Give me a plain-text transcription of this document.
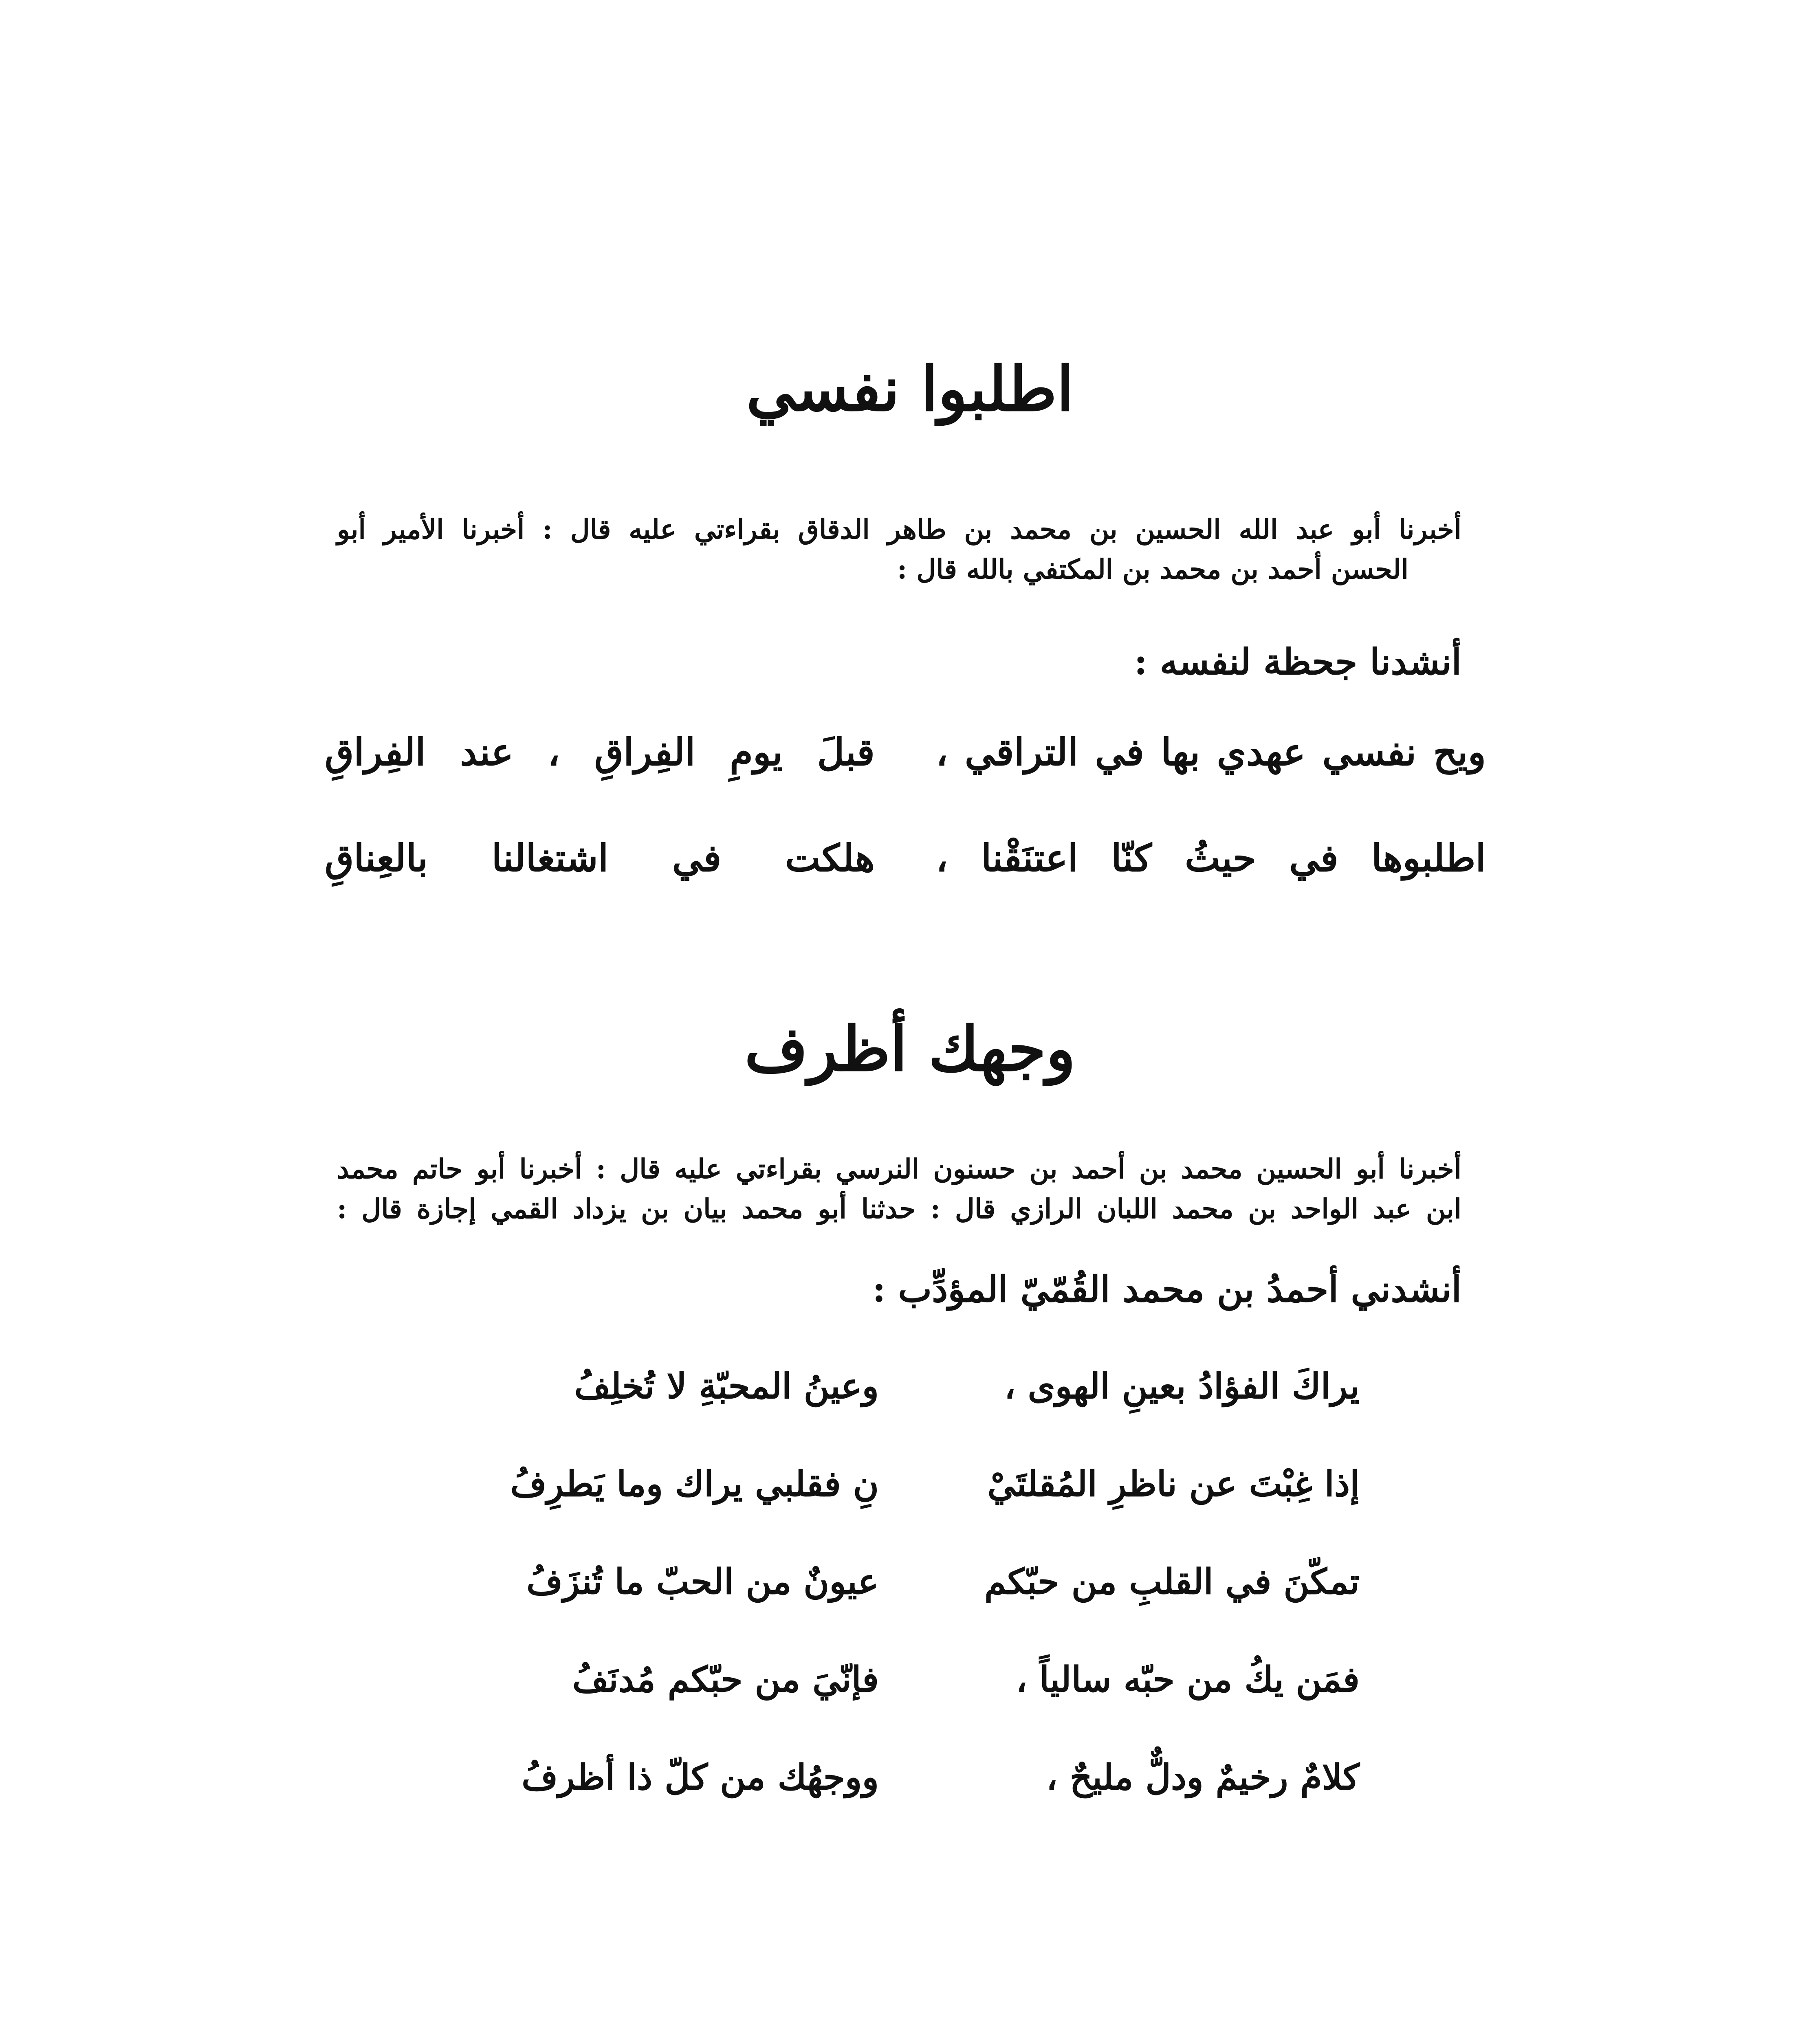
اطلبوا نفسي

أخبرنا أبو عبد الله الحسين بن محمد بن طاهر الدقاق بقراءتي عليه قال : أخبرنا الأمير أبو

الحسن أحمد بن محمد بن المكتفي بالله قال :

أنشدنا جحظة لنفسه :
ويح نفسي عهدي بها في التراقي ،
قبلَ يومِ الفِراقِ ، عند الفِراقِ
اطلبوها في حيثُ كنّا اعتنَقْنا ،
هلكت في اشتغالنا بالعِناقِ
وجهك أظرف

أخبرنا أبو الحسين محمد بن أحمد بن حسنون النرسي بقراءتي عليه قال : أخبرنا أبو حاتم محمد

ابن عبد الواحد بن محمد اللبان الرازي قال : حدثنا أبو محمد بيان بن يزداد القمي إجازة قال :

أنشدني أحمدُ بن محمد القُمّيّ المؤدِّب :
يراكَ الفؤادُ بعينِ الهوى ،
وعينُ المحبّةِ لا تُخلِفُ
إذا غِبْتَ عن ناظرِ المُقلتَيْ
نِ فقلبي يراك وما يَطرِفُ
تمكّنَ في القلبِ من حبّكم
عيونٌ من الحبّ ما تُنزَفُ
فمَن يكُ من حبّه سالياً ،
فإنّيَ من حبّكم مُدنَفُ
كلامٌ رخيمٌ ودلٌّ مليحٌ ،
ووجهُك من كلّ ذا أظرفُ
